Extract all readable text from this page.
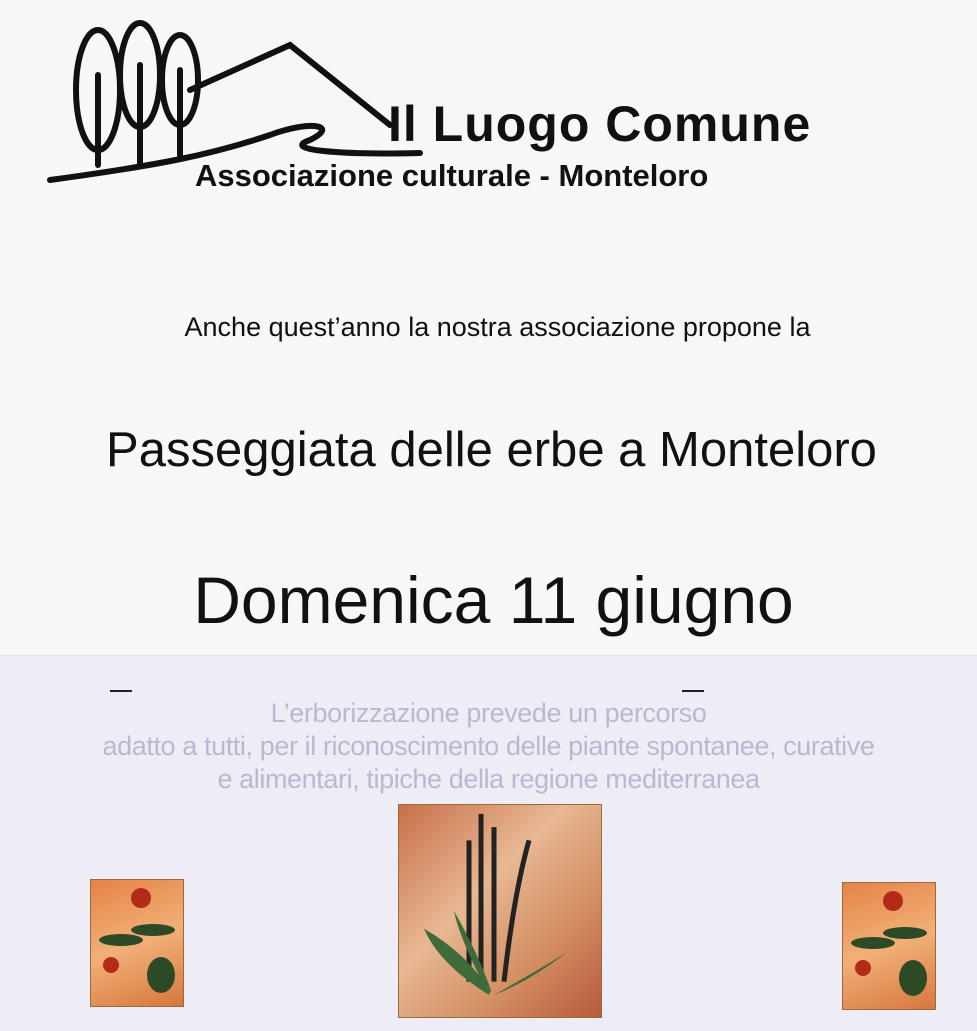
Il Luogo Comune
Associazione culturale - Monteloro
Anche quest’anno la nostra associazione propone la
Passeggiata delle erbe a Monteloro
Domenica 11 giugno
L’erborizzazione prevede un percorso
adatto a tutti, per il riconoscimento delle piante spontanee, curative
e alimentari, tipiche della regione mediterranea
